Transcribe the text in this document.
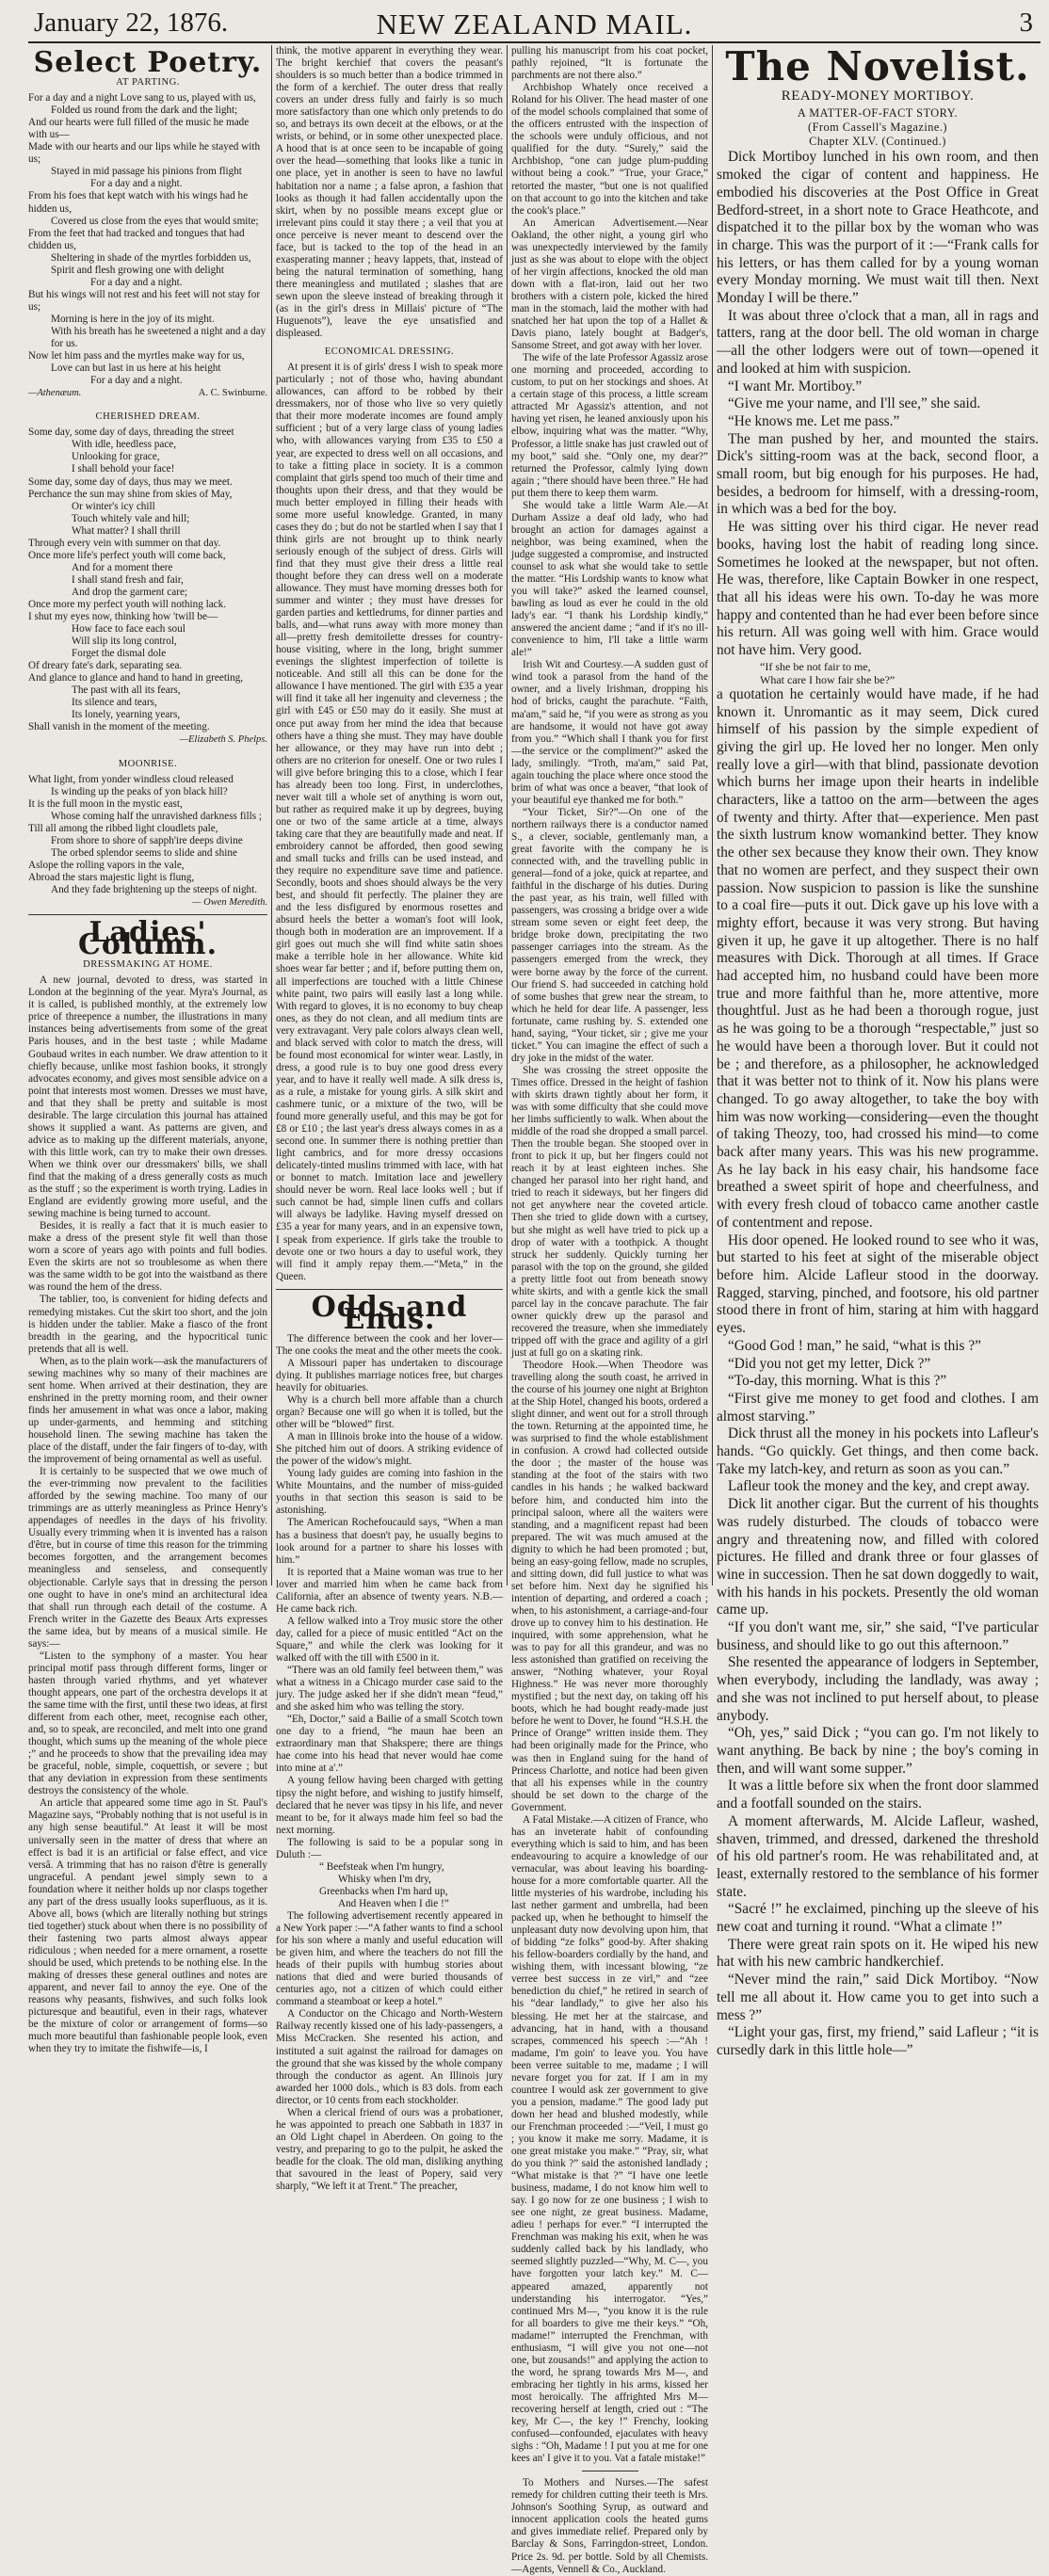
January 22, 1876.	NEW ZEALAND MAIL.	3
Select Poetry.
AT PARTING.

For a day and a night Love sang to us, played with us,

Folded us round from the dark and the light;

And our hearts were full filled of the music he made with us—

Made with our hearts and our lips while he stayed with us;

Stayed in mid passage his pinions from flight

For a day and a night.

From his foes that kept watch with his wings had he hidden us,

Covered us close from the eyes that would smite;

From the feet that had tracked and tongues that had chidden us,

Sheltering in shade of the myrtles forbidden us,

Spirit and flesh growing one with delight

For a day and a night.

But his wings will not rest and his feet will not stay for us;

Morning is here in the joy of its might.

With his breath has he sweetened a night and a day for us.

Now let him pass and the myrtles make way for us,

Love can but last in us here at his height

For a day and a night.

—Athenæum.	A. C. Swinburne.
CHERISHED DREAM.

Some day, some day of days, threading the street

With idle, heedless pace,

Unlooking for grace,

I shall behold your face!

Some day, some day of days, thus may we meet.

Perchance the sun may shine from skies of May,

Or winter's icy chill

Touch whitely vale and hill;

What matter? I shall thrill

Through every vein with summer on that day.

Once more life's perfect youth will come back,

And for a moment there

I shall stand fresh and fair,

And drop the garment care;

Once more my perfect youth will nothing lack.

I shut my eyes now, thinking how 'twill be—

How face to face each soul

Will slip its long control,

Forget the dismal dole

Of dreary fate's dark, separating sea.

And glance to glance and hand to hand in greeting,

The past with all its fears,

Its silence and tears,

Its lonely, yearning years,

Shall vanish in the moment of the meeting.

—Elizabeth S. Phelps.
MOONRISE.

What light, from yonder windless cloud released

Is winding up the peaks of yon black hill?

It is the full moon in the mystic east,

Whose coming half the unravished darkness fills ;

Till all among the ribbed light cloudlets pale,

From shore to shore of sapph'ire deeps divine

The orbed splendor seems to slide and shine

Aslope the rolling vapors in the vale,

Abroad the stars majestic light is flung,

And they fade brightening up the steeps of night.

— Owen Meredith.
Ladies' Column.
DRESSMAKING AT HOME.

A new journal, devoted to dress, was started in London at the beginning of the year. Myra's Journal, as it is called, is published monthly, at the extremely low price of threepence a number, the illustrations in many instances being advertisements from some of the great Paris houses, and in the best taste ; while Madame Goubaud writes in each number. We draw attention to it chiefly because, unlike most fashion books, it strongly advocates economy, and gives most sensible advice on a point that interests most women. Dresses we must have, and that they shall be pretty and suitable is most desirable. The large circulation this journal has attained shows it supplied a want. As patterns are given, and advice as to making up the different materials, anyone, with this little work, can try to make their own dresses. When we think over our dressmakers' bills, we shall find that the making of a dress generally costs as much as the stuff ; so the experiment is worth trying. Ladies in England are evidently growing more useful, and the sewing machine is being turned to account.

Besides, it is really a fact that it is much easier to make a dress of the present style fit well than those worn a score of years ago with points and full bodies. Even the skirts are not so troublesome as when there was the same width to be got into the waistband as there was round the hem of the dress.

The tablier, too, is convenient for hiding defects and remedying mistakes. Cut the skirt too short, and the join is hidden under the tablier. Make a fiasco of the front breadth in the gearing, and the hypocritical tunic pretends that all is well.

When, as to the plain work—ask the manufacturers of sewing machines why so many of their machines are sent home. When arrived at their destination, they are enshrined in the pretty morning room, and their owner finds her amusement in what was once a labor, making up under-garments, and hemming and stitching household linen. The sewing machine has taken the place of the distaff, under the fair fingers of to-day, with the improvement of being ornamental as well as useful.

It is certainly to be suspected that we owe much of the ever-trimming now prevalent to the facilities afforded by the sewing machine. Too many of our trimmings are as utterly meaningless as Prince Henry's appendages of needles in the days of his frivolity. Usually every trimming when it is invented has a raison d'être, but in course of time this reason for the trimming becomes forgotten, and the arrangement becomes meaningless and senseless, and consequently objectionable. Carlyle says that in dressing the person one ought to have in one's mind an architectural idea that shall run through each detail of the costume. A French writer in the Gazette des Beaux Arts expresses the same idea, but by means of a musical simile. He says:—

“Listen to the symphony of a master. You hear principal motif pass through different forms, linger or hasten through varied rhythms, and yet whatever thought appears, one part of the orchestra develops it at the same time with the first, until these two ideas, at first different from each other, meet, recognise each other, and, so to speak, are reconciled, and melt into one grand thought, which sums up the meaning of the whole piece ;” and he proceeds to show that the prevailing idea may be graceful, noble, simple, coquettish, or severe ; but that any deviation in expression from these sentiments destroys the consistency of the whole.

An article that appeared some time ago in St. Paul's Magazine says, “Probably nothing that is not useful is in any high sense beautiful.” At least it will be most universally seen in the matter of dress that where an effect is bad it is an artificial or false effect, and vice versâ. A trimming that has no raison d'être is generally ungraceful. A pendant jewel simply sewn to a foundation where it neither holds up nor clasps together any part of the dress usually looks superfluous, as it is. Above all, bows (which are literally nothing but strings tied together) stuck about when there is no possibility of their fastening two parts almost always appear ridiculous ; when needed for a mere ornament, a rosette should be used, which pretends to be nothing else. In the making of dresses these general outlines and notes are apparent, and never fail to annoy the eye. One of the reasons why peasants, fishwives, and such folks look picturesque and beautiful, even in their rags, whatever be the mixture of color or arrangement of forms—so much more beautiful than fashionable people look, even when they try to imitate the fishwife—is, I

think, the motive apparent in everything they wear. The bright kerchief that covers the peasant's shoulders is so much better than a bodice trimmed in the form of a kerchief. The outer dress that really covers an under dress fully and fairly is so much more satisfactory than one which only pretends to do so, and betrays its own deceit at the elbows, or at the wrists, or behind, or in some other unexpected place. A hood that is at once seen to be incapable of going over the head—something that looks like a tunic in one place, yet in another is seen to have no lawful habitation nor a name ; a false apron, a fashion that looks as though it had fallen accidentally upon the skirt, when by no possible means except glue or irrelevant pins could it stay there ; a veil that you at once perceive is never meant to descend over the face, but is tacked to the top of the head in an exasperating manner ; heavy lappets, that, instead of being the natural termination of something, hang there meaningless and mutilated ; slashes that are sewn upon the sleeve instead of breaking through it (as in the girl's dress in Millais' picture of “The Huguenots”), leave the eye unsatisfied and displeased.

ECONOMICAL DRESSING.

At present it is of girls' dress I wish to speak more particularly ; not of those who, having abundant allowances, can afford to be robbed by their dressmakers, nor of those who live so very quietly that their more moderate incomes are found amply sufficient ; but of a very large class of young ladies who, with allowances varying from £35 to £50 a year, are expected to dress well on all occasions, and to take a fitting place in society. It is a common complaint that girls spend too much of their time and thoughts upon their dress, and that they would be much better employed in filling their heads with some more useful knowledge. Granted, in many cases they do ; but do not be startled when I say that I think girls are not brought up to think nearly seriously enough of the subject of dress. Girls will find that they must give their dress a little real thought before they can dress well on a moderate allowance. They must have morning dresses both for summer and winter ; they must have dresses for garden parties and kettledrums, for dinner parties and balls, and—what runs away with more money than all—pretty fresh demitoilette dresses for country-house visiting, where in the long, bright summer evenings the slightest imperfection of toilette is noticeable. And still all this can be done for the allowance I have mentioned. The girl with £35 a year will find it take all her ingenuity and cleverness ; the girl with £45 or £50 may do it easily. She must at once put away from her mind the idea that because others have a thing she must. They may have double her allowance, or they may have run into debt ; others are no criterion for oneself. One or two rules I will give before bringing this to a close, which I fear has already been too long. First, in underclothes, never wait till a whole set of anything is worn out, but rather as required make it up by degrees, buying one or two of the same article at a time, always taking care that they are beautifully made and neat. If embroidery cannot be afforded, then good sewing and small tucks and frills can be used instead, and they require no expenditure save time and patience. Secondly, boots and shoes should always be the very best, and should fit perfectly. The plainer they are and the less disfigured by enormous rosettes and absurd heels the better a woman's foot will look, though both in moderation are an improvement. If a girl goes out much she will find white satin shoes make a terrible hole in her allowance. White kid shoes wear far better ; and if, before putting them on, all imperfections are touched with a little Chinese white paint, two pairs will easily last a long while. With regard to gloves, it is no economy to buy cheap ones, as they do not clean, and all medium tints are very extravagant. Very pale colors always clean well, and black served with color to match the dress, will be found most economical for winter wear. Lastly, in dress, a good rule is to buy one good dress every year, and to have it really well made. A silk dress is, as a rule, a mistake for young girls. A silk skirt and cashmere tunic, or a mixture of the two, will be found more generally useful, and this may be got for £8 or £10 ; the last year's dress always comes in as a second one. In summer there is nothing prettier than light cambrics, and for more dressy occasions delicately-tinted muslins trimmed with lace, with hat or bonnet to match. Imitation lace and jewellery should never be worn. Real lace looks well ; but if such cannot be had, simple linen cuffs and collars will always be ladylike. Having myself dressed on £35 a year for many years, and in an expensive town, I speak from experience. If girls take the trouble to devote one or two hours a day to useful work, they will find it amply repay them.—“Meta,” in the Queen.

Odds and Ends.

The difference between the cook and her lover—The one cooks the meat and the other meets the cook.

A Missouri paper has undertaken to discourage dying. It publishes marriage notices free, but charges heavily for obituaries.

Why is a church bell more affable than a church organ? Because one will go when it is tolled, but the other will be “blowed” first.

A man in Illinois broke into the house of a widow. She pitched him out of doors. A striking evidence of the power of the widow's might.

Young lady guides are coming into fashion in the White Mountains, and the number of miss-guided youths in that section this season is said to be astonishing.

The American Rochefoucauld says, “When a man has a business that doesn't pay, he usually begins to look around for a partner to share his losses with him.”

It is reported that a Maine woman was true to her lover and married him when he came back from California, after an absence of twenty years. N.B.—He came back rich.

A fellow walked into a Troy music store the other day, called for a piece of music entitled “Act on the Square,” and while the clerk was looking for it walked off with the till with £500 in it.

“There was an old family feel between them,” was what a witness in a Chicago murder case said to the jury. The judge asked her if she didn't mean “feud,” and she asked him who was telling the story.

“Eh, Doctor,” said a Bailie of a small Scotch town one day to a friend, “he maun hae been an extraordinary man that Shakspere; there are things hae come into his head that never would hae come into mine at a'.”

A young fellow having been charged with getting tipsy the night before, and wishing to justify himself, declared that he never was tipsy in his life, and never meant to be, for it always made him feel so bad the next morning.

The following is said to be a popular song in Duluth :—

“ Beefsteak when I'm hungry,

Whisky when I'm dry,

Greenbacks when I'm hard up,

And Heaven when I die !”

The following advertisement recently appeared in a New York paper :—“A father wants to find a school for his son where a manly and useful education will be given him, and where the teachers do not fill the heads of their pupils with humbug stories about nations that died and were buried thousands of centuries ago, not a citizen of which could either command a steamboat or keep a hotel.”

A Conductor on the Chicago and North-Western Railway recently kissed one of his lady-passengers, a Miss McCracken. She resented his action, and instituted a suit against the railroad for damages on the ground that she was kissed by the whole company through the conductor as agent. An Illinois jury awarded her 1000 dols., which is 83 dols. from each director, or 10 cents from each stockholder.

When a clerical friend of ours was a probationer, he was appointed to preach one Sabbath in 1837 in an Old Light chapel in Aberdeen. On going to the vestry, and preparing to go to the pulpit, he asked the beadle for the cloak. The old man, disliking anything that savoured in the least of Popery, said very sharply, “We left it at Trent.” The preacher,

pulling his manuscript from his coat pocket, pathly rejoined, “It is fortunate the parchments are not there also.”

Archbishop Whately once received a Roland for his Oliver. The head master of one of the model schools complained that some of the officers entrusted with the inspection of the schools were unduly officious, and not qualified for the duty. “Surely,” said the Archbishop, “one can judge plum-pudding without being a cook.” “True, your Grace,” retorted the master, “but one is not qualified on that account to go into the kitchen and take the cook's place.”

An American Advertisement.—Near Oakland, the other night, a young girl who was unexpectedly interviewed by the family just as she was about to elope with the object of her virgin affections, knocked the old man down with a flat-iron, laid out her two brothers with a cistern pole, kicked the hired man in the stomach, laid the mother with had snatched her hat upon the top of a Hallet & Davis piano, lately bought at Badger's, Sansome Street, and got away with her lover.

The wife of the late Professor Agassiz arose one morning and proceeded, according to custom, to put on her stockings and shoes. At a certain stage of this process, a little scream attracted Mr Agassiz's attention, and not having yet risen, he leaned anxiously upon his elbow, inquiring what was the matter. “Why, Professor, a little snake has just crawled out of my boot,” said she. “Only one, my dear?” returned the Professor, calmly lying down again ; “there should have been three.” He had put them there to keep them warm.

She would take a little Warm Ale.—At Durham Assize a deaf old lady, who had brought an action for damages against a neighbor, was being examined, when the judge suggested a compromise, and instructed counsel to ask what she would take to settle the matter. “His Lordship wants to know what you will take?” asked the learned counsel, bawling as loud as ever he could in the old lady's ear. “I thank his Lordship kindly,” answered the ancient dame ; “and if it's no ill-convenience to him, I'll take a little warm ale!”

Irish Wit and Courtesy.—A sudden gust of wind took a parasol from the hand of the owner, and a lively Irishman, dropping his hod of bricks, caught the parachute. “Faith, ma'am,” said he, “if you were as strong as you are handsome, it would not have got away from you.” “Which shall I thank you for first—the service or the compliment?” asked the lady, smilingly. “Troth, ma'am,” said Pat, again touching the place where once stood the brim of what was once a beaver, “that look of your beautiful eye thanked me for both.”

“Your Ticket, Sir?”—On one of the northern railways there is a conductor named S., a clever, sociable, gentlemanly man, a great favorite with the company he is connected with, and the travelling public in general—fond of a joke, quick at repartee, and faithful in the discharge of his duties. During the past year, as his train, well filled with passengers, was crossing a bridge over a wide stream some seven or eight feet deep, the bridge broke down, precipitating the two passenger carriages into the stream. As the passengers emerged from the wreck, they were borne away by the force of the current. Our friend S. had succeeded in catching hold of some bushes that grew near the stream, to which he held for dear life. A passenger, less fortunate, came rushing by. S. extended one hand, saying, “Your ticket, sir ; give me your ticket.” You can imagine the effect of such a dry joke in the midst of the water.

She was crossing the street opposite the Times office. Dressed in the height of fashion with skirts drawn tightly about her form, it was with some difficulty that she could move her limbs sufficiently to walk. When about the middle of the road she dropped a small parcel. Then the trouble began. She stooped over in front to pick it up, but her fingers could not reach it by at least eighteen inches. She changed her parasol into her right hand, and tried to reach it sideways, but her fingers did not get anywhere near the coveted article. Then she tried to glide down with a curtsey, but she might as well have tried to pick up a drop of water with a toothpick. A thought struck her suddenly. Quickly turning her parasol with the top on the ground, she gilded a pretty little foot out from beneath snowy white skirts, and with a gentle kick the small parcel lay in the concave parachute. The fair owner quickly drew up the parasol and recovered the treasure, when she immediately tripped off with the grace and agility of a girl just at full go on a skating rink.

Theodore Hook.—When Theodore was travelling along the south coast, he arrived in the course of his journey one night at Brighton at the Ship Hotel, changed his boots, ordered a slight dinner, and went out for a stroll through the town. Returning at the appointed time, he was surprised to find the whole establishment in confusion. A crowd had collected outside the door ; the master of the house was standing at the foot of the stairs with two candles in his hands ; he walked backward before him, and conducted him into the principal saloon, where all the waiters were standing, and a magnificent repast had been prepared. The wit was much amused at the dignity to which he had been promoted ; but, being an easy-going fellow, made no scruples, and sitting down, did full justice to what was set before him. Next day he signified his intention of departing, and ordered a coach ; when, to his astonishment, a carriage-and-four drove up to convey him to his destination. He inquired, with some apprehension, what he was to pay for all this grandeur, and was no less astonished than gratified on receiving the answer, “Nothing whatever, your Royal Highness.” He was never more thoroughly mystified ; but the next day, on taking off his boots, which he had bought ready-made just before he went to Dover, he found “H.S.H. the Prince of Orange” written inside them. They had been originally made for the Prince, who was then in England suing for the hand of Princess Charlotte, and notice had been given that all his expenses while in the country should be set down to the charge of the Government.

A Fatal Mistake.—A citizen of France, who has an inveterate habit of confounding everything which is said to him, and has been endeavouring to acquire a knowledge of our vernacular, was about leaving his boarding-house for a more comfortable quarter. All the little mysteries of his wardrobe, including his last nether garment and umbrella, had been packed up, when he bethought to himself the unpleasant duty now devolving upon him, that of bidding “ze folks” good-by. After shaking his fellow-boarders cordially by the hand, and wishing them, with incessant blowing, “ze verree best success in ze virl,” and “zee benediction du chief,” he retired in search of his “dear landlady,” to give her also his blessing. He met her at the staircase, and advancing, hat in hand, with a thousand scrapes, commenced his speech :—“Ah ! madame, I'm goin' to leave you. You have been verree suitable to me, madame ; I will nevare forget you for zat. If I am in my countree I would ask zer government to give you a pension, madame.” The good lady put down her head and blushed modestly, while our Frenchman proceeded :—“Veil, I must go ; you know it make me sorry. Madame, it is one great mistake you make.” “Pray, sir, what do you think ?” said the astonished landlady ; “What mistake is that ?” “I have one leetle business, madame, I do not know him well to say. I go now for ze one business ; I wish to see one night, ze great business. Madame, adieu ! perhaps for ever.” “I interrupted the Frenchman was making his exit, when he was suddenly called back by his landlady, who seemed slightly puzzled—“Why, M. C—, you have forgotten your latch key.” M. C— appeared amazed, apparently not understanding his interrogator. “Yes,” continued Mrs M—, “you know it is the rule for all boarders to give me their keys.” “Oh, madame!” interrupted the Frenchman, with enthusiasm, “I will give you not one—not one, but zousands!” and applying the action to the word, he sprang towards Mrs M—, and embracing her tightly in his arms, kissed her most heroically. The affrighted Mrs M— recovering herself at length, cried out : “The key, Mr C—, the key !” Frenchy, looking confused—confounded, ejaculates with heavy sighs : “Oh, Madame ! I put you at me for one kees an' I give it to you. Vat a fatale mistake!”

To Mothers and Nurses.—The safest remedy for children cutting their teeth is Mrs. Johnson's Soothing Syrup, as outward and innocent application cools the heated gums and gives immediate relief. Prepared only by Barclay & Sons, Farringdon-street, London. Price 2s. 9d. per bottle. Sold by all Chemists.—Agents, Vennell & Co., Auckland.

The Novelist.
READY-MONEY MORTIBOY.
A MATTER-OF-FACT STORY.
(From Cassell's Magazine.)
Chapter XLV. (Continued.)

Dick Mortiboy lunched in his own room, and then smoked the cigar of content and happiness. He embodied his discoveries at the Post Office in Great Bedford-street, in a short note to Grace Heathcote, and dispatched it to the pillar box by the woman who was in charge. This was the purport of it :—“Frank calls for his letters, or has them called for by a young woman every Monday morning. We must wait till then. Next Monday I will be there.”

It was about three o'clock that a man, all in rags and tatters, rang at the door bell. The old woman in charge—all the other lodgers were out of town—opened it and looked at him with suspicion.

“I want Mr. Mortiboy.”

“Give me your name, and I'll see,” she said.

“He knows me. Let me pass.”

The man pushed by her, and mounted the stairs. Dick's sitting-room was at the back, second floor, a small room, but big enough for his purposes. He had, besides, a bedroom for himself, with a dressing-room, in which was a bed for the boy.

He was sitting over his third cigar. He never read books, having lost the habit of reading long since. Sometimes he looked at the newspaper, but not often. He was, therefore, like Captain Bowker in one respect, that all his ideas were his own. To-day he was more happy and contented than he had ever been before since his return. All was going well with him. Grace would not have him. Very good.

“If she be not fair to me,

What care I how fair she be?”

a quotation he certainly would have made, if he had known it. Unromantic as it may seem, Dick cured himself of his passion by the simple expedient of giving the girl up. He loved her no longer. Men only really love a girl—with that blind, passionate devotion which burns her image upon their hearts in indelible characters, like a tattoo on the arm—between the ages of twenty and thirty. After that—experience. Men past the sixth lustrum know womankind better. They know the other sex because they know their own. They know that no women are perfect, and they suspect their own passion. Now suspicion to passion is like the sunshine to a coal fire—puts it out. Dick gave up his love with a mighty effort, because it was very strong. But having given it up, he gave it up altogether. There is no half measures with Dick. Thorough at all times. If Grace had accepted him, no husband could have been more true and more faithful than he, more attentive, more thoughtful. Just as he had been a thorough rogue, just as he was going to be a thorough “respectable,” just so he would have been a thorough lover. But it could not be ; and therefore, as a philosopher, he acknowledged that it was better not to think of it. Now his plans were changed. To go away altogether, to take the boy with him was now working—considering—even the thought of taking Theozy, too, had crossed his mind—to come back after many years. This was his new programme. As he lay back in his easy chair, his handsome face breathed a sweet spirit of hope and cheerfulness, and with every fresh cloud of tobacco came another castle of contentment and repose.

His door opened. He looked round to see who it was, but started to his feet at sight of the miserable object before him. Alcide Lafleur stood in the doorway. Ragged, starving, pinched, and footsore, his old partner stood there in front of him, staring at him with haggard eyes.

“Good God ! man,” he said, “what is this ?”

“Did you not get my letter, Dick ?”

“To-day, this morning. What is this ?”

“First give me money to get food and clothes. I am almost starving.”

Dick thrust all the money in his pockets into Lafleur's hands. “Go quickly. Get things, and then come back. Take my latch-key, and return as soon as you can.”

Lafleur took the money and the key, and crept away.

Dick lit another cigar. But the current of his thoughts was rudely disturbed. The clouds of tobacco were angry and threatening now, and filled with colored pictures. He filled and drank three or four glasses of wine in succession. Then he sat down doggedly to wait, with his hands in his pockets. Presently the old woman came up.

“If you don't want me, sir,” she said, “I've particular business, and should like to go out this afternoon.”

She resented the appearance of lodgers in September, when everybody, including the landlady, was away ; and she was not inclined to put herself about, to please anybody.

“Oh, yes,” said Dick ; “you can go. I'm not likely to want anything. Be back by nine ; the boy's coming in then, and will want some supper.”

It was a little before six when the front door slammed and a footfall sounded on the stairs.

A moment afterwards, M. Alcide Lafleur, washed, shaven, trimmed, and dressed, darkened the threshold of his old partner's room. He was rehabilitated and, at least, externally restored to the semblance of his former state.

“Sacré !” he exclaimed, pinching up the sleeve of his new coat and turning it round. “What a climate !”

There were great rain spots on it. He wiped his new hat with his new cambric handkerchief.

“Never mind the rain,” said Dick Mortiboy. “Now tell me all about it. How came you to get into such a mess ?”

“Light your gas, first, my friend,” said Lafleur ; “it is cursedly dark in this little hole—”
